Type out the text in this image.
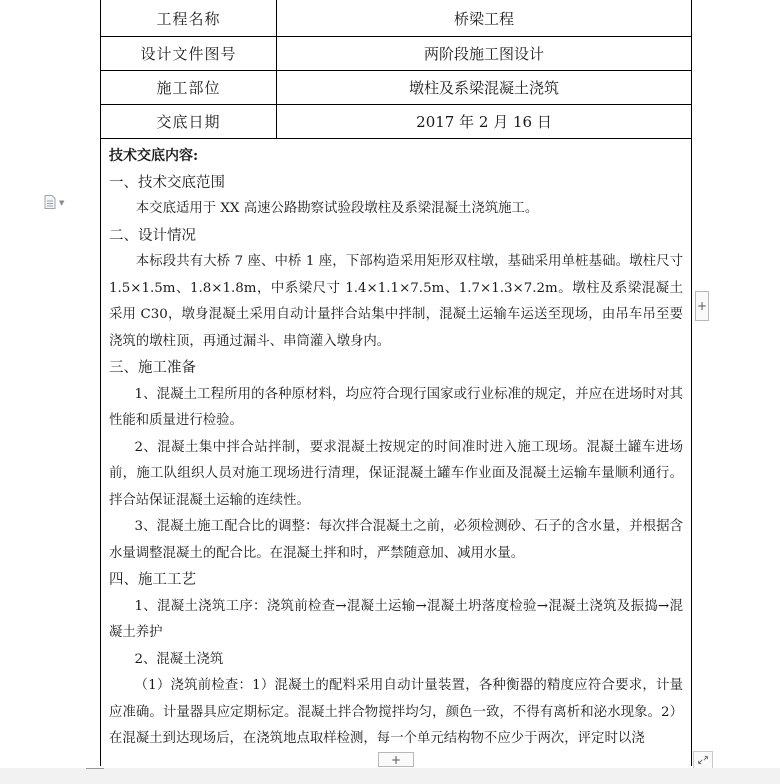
工程名称	桥梁工程
设计文件图号	两阶段施工图设计
施工部位	墩柱及系梁混凝土浇筑
交底日期	2017 年 2 月 16 日

技术交底内容:

一、技术交底范围

本交底适用于 XX 高速公路勘察试验段墩柱及系梁混凝土浇筑施工。

二、设计情况

本标段共有大桥 7 座、中桥 1 座，下部构造采用矩形双柱墩，基础采用单桩基础。墩柱尺寸 1.5×1.5m、1.8×1.8m，中系梁尺寸 1.4×1.1×7.5m、1.7×1.3×7.2m。墩柱及系梁混凝土采用 C30，墩身混凝土采用自动计量拌合站集中拌制，混凝土运输车运送至现场，由吊车吊至要浇筑的墩柱顶，再通过漏斗、串筒灌入墩身内。

三、施工准备

1、混凝土工程所用的各种原材料，均应符合现行国家或行业标准的规定，并应在进场时对其性能和质量进行检验。

2、混凝土集中拌合站拌制，要求混凝土按规定的时间准时进入施工现场。混凝土罐车进场前，施工队组织人员对施工现场进行清理，保证混凝土罐车作业面及混凝土运输车量顺利通行。拌合站保证混凝土运输的连续性。

3、混凝土施工配合比的调整：每次拌合混凝土之前，必须检测砂、石子的含水量，并根据含水量调整混凝土的配合比。在混凝土拌和时，严禁随意加、减用水量。

四、施工工艺

1、混凝土浇筑工序：浇筑前检查→混凝土运输→混凝土坍落度检验→混凝土浇筑及振捣→混凝土养护

2、混凝土浇筑

（1）浇筑前检查：1）混凝土的配料采用自动计量装置，各种衡器的精度应符合要求，计量应准确。计量器具应定期标定。混凝土拌合物搅拌均匀，颜色一致，不得有离析和泌水现象。2）在混凝土到达现场后，在浇筑地点取样检测，每一个单元结构物不应少于两次，评定时以浇

▼
+
+
